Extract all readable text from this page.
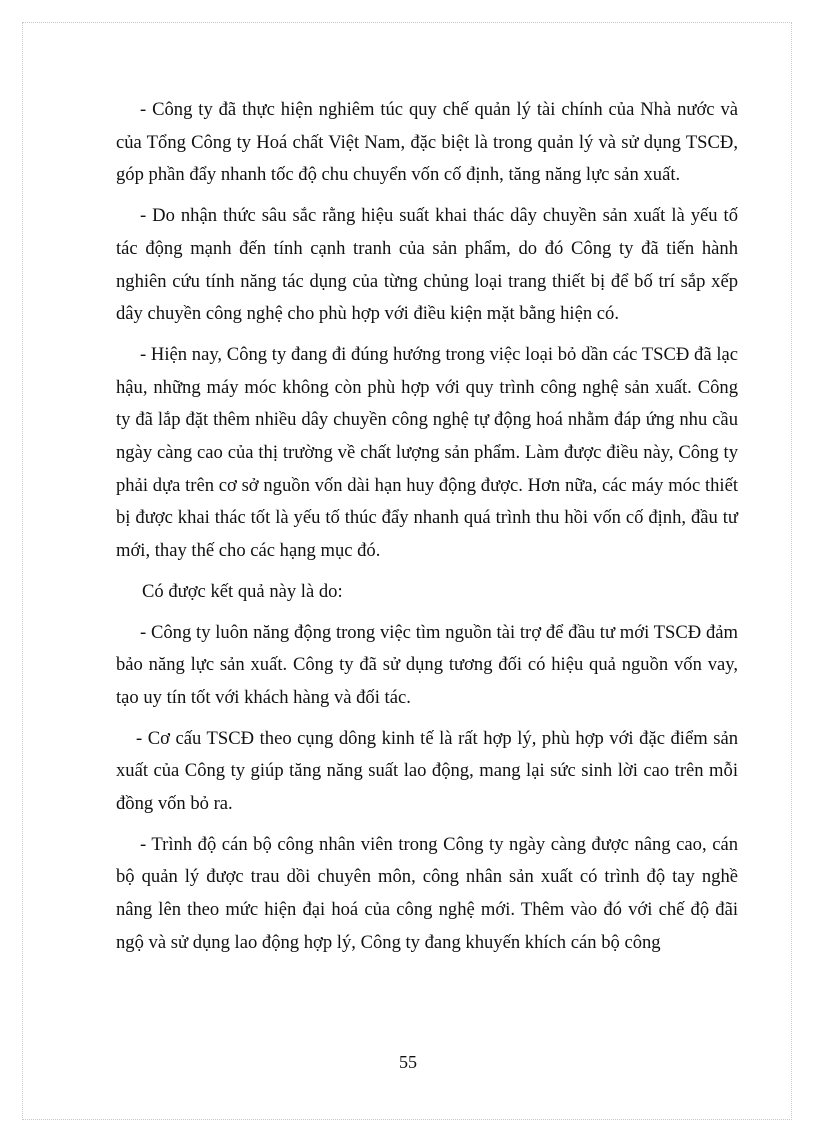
- Công ty đã thực hiện nghiêm túc quy chế quản lý tài chính của Nhà nước và của Tổng Công ty Hoá chất Việt Nam, đặc biệt là trong quản lý và sử dụng TSCĐ, góp phần đẩy nhanh tốc độ chu chuyển vốn cố định, tăng năng lực sản xuất.

- Do nhận thức sâu sắc rằng hiệu suất khai thác dây chuyền sản xuất là yếu tố tác động mạnh đến tính cạnh tranh của sản phẩm, do đó Công ty đã tiến hành nghiên cứu tính năng tác dụng của từng chủng loại trang thiết bị để bố trí sắp xếp dây chuyền công nghệ cho phù hợp với điều kiện mặt bằng hiện có.

- Hiện nay, Công ty đang đi đúng hướng trong việc loại bỏ dần các TSCĐ đã lạc hậu, những máy móc không còn phù hợp với quy trình công nghệ sản xuất. Công ty đã lắp đặt thêm nhiều dây chuyền công nghệ tự động hoá nhằm đáp ứng nhu cầu ngày càng cao của thị trường về chất lượng sản phẩm. Làm được điều này, Công ty phải dựa trên cơ sở nguồn vốn dài hạn huy động được. Hơn nữa, các máy móc thiết bị được khai thác tốt là yếu tố thúc đẩy nhanh quá trình thu hồi vốn cố định, đầu tư mới, thay thế cho các hạng mục đó.

Có được kết quả này là do:

- Công ty luôn năng động trong việc tìm nguồn tài trợ để đầu tư mới TSCĐ đảm bảo năng lực sản xuất. Công ty đã sử dụng tương đối có hiệu quả nguồn vốn vay, tạo uy tín tốt với khách hàng và đối tác.

- Cơ cấu TSCĐ theo cụng dông kinh tế là rất hợp lý, phù hợp với đặc điểm sản xuất của Công ty giúp tăng năng suất lao động, mang lại sức sinh lời cao trên mỗi đồng vốn bỏ ra.

- Trình độ cán bộ công nhân viên trong Công ty ngày càng được nâng cao, cán bộ quản lý được trau dồi chuyên môn, công nhân sản xuất có trình độ tay nghề nâng lên theo mức hiện đại hoá của công nghệ mới. Thêm vào đó với chế độ đãi ngộ và sử dụng lao động hợp lý, Công ty đang khuyến khích cán bộ công

55
